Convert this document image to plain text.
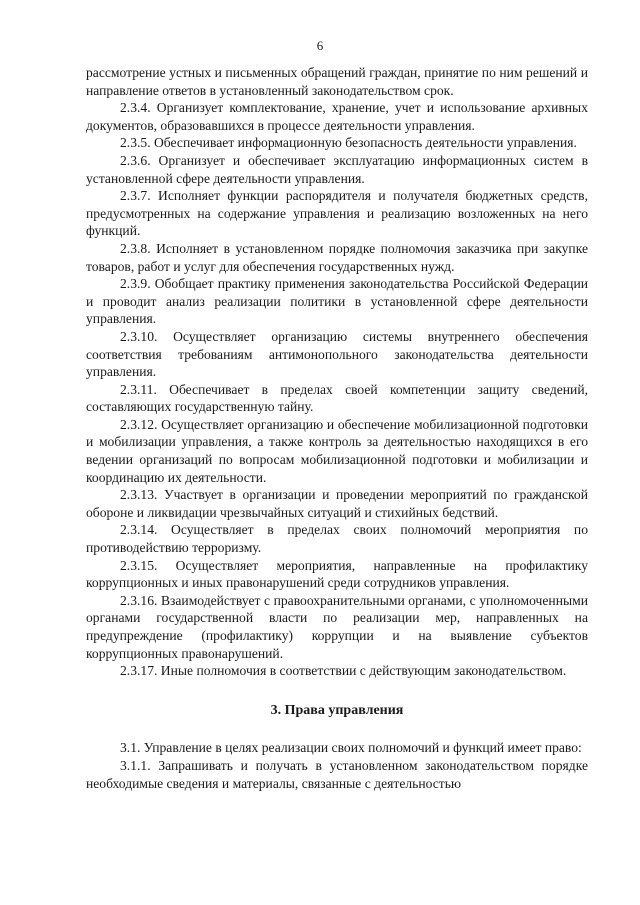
6

рассмотрение устных и письменных обращений граждан, принятие по ним решений и направление ответов в установленный законодательством срок.

2.3.4. Организует комплектование, хранение, учет и использование архивных документов, образовавшихся в процессе деятельности управления.

2.3.5. Обеспечивает информационную безопасность деятельности управления.

2.3.6. Организует и обеспечивает эксплуатацию информационных систем в установленной сфере деятельности управления.

2.3.7. Исполняет функции распорядителя и получателя бюджетных средств, предусмотренных на содержание управления и реализацию возложенных на него функций.

2.3.8. Исполняет в установленном порядке полномочия заказчика при закупке товаров, работ и услуг для обеспечения государственных нужд.

2.3.9. Обобщает практику применения законодательства Российской Федерации и проводит анализ реализации политики в установленной сфере деятельности управления.

2.3.10. Осуществляет организацию системы внутреннего обеспечения соответствия требованиям антимонопольного законодательства деятельности управления.

2.3.11. Обеспечивает в пределах своей компетенции защиту сведений, составляющих государственную тайну.

2.3.12. Осуществляет организацию и обеспечение мобилизационной подготовки и мобилизации управления, а также контроль за деятельностью находящихся в его ведении организаций по вопросам мобилизационной подготовки и мобилизации и координацию их деятельности.

2.3.13. Участвует в организации и проведении мероприятий по гражданской обороне и ликвидации чрезвычайных ситуаций и стихийных бедствий.

2.3.14. Осуществляет в пределах своих полномочий мероприятия по противодействию терроризму.

2.3.15. Осуществляет мероприятия, направленные на профилактику коррупционных и иных правонарушений среди сотрудников управления.

2.3.16. Взаимодействует с правоохранительными органами, с уполномоченными органами государственной власти по реализации мер, направленных на предупреждение (профилактику) коррупции и на выявление субъектов коррупционных правонарушений.

2.3.17. Иные полномочия в соответствии с действующим законодательством.

3. Права управления

3.1. Управление в целях реализации своих полномочий и функций имеет право:

3.1.1. Запрашивать и получать в установленном законодательством порядке необходимые сведения и материалы, связанные с деятельностью
